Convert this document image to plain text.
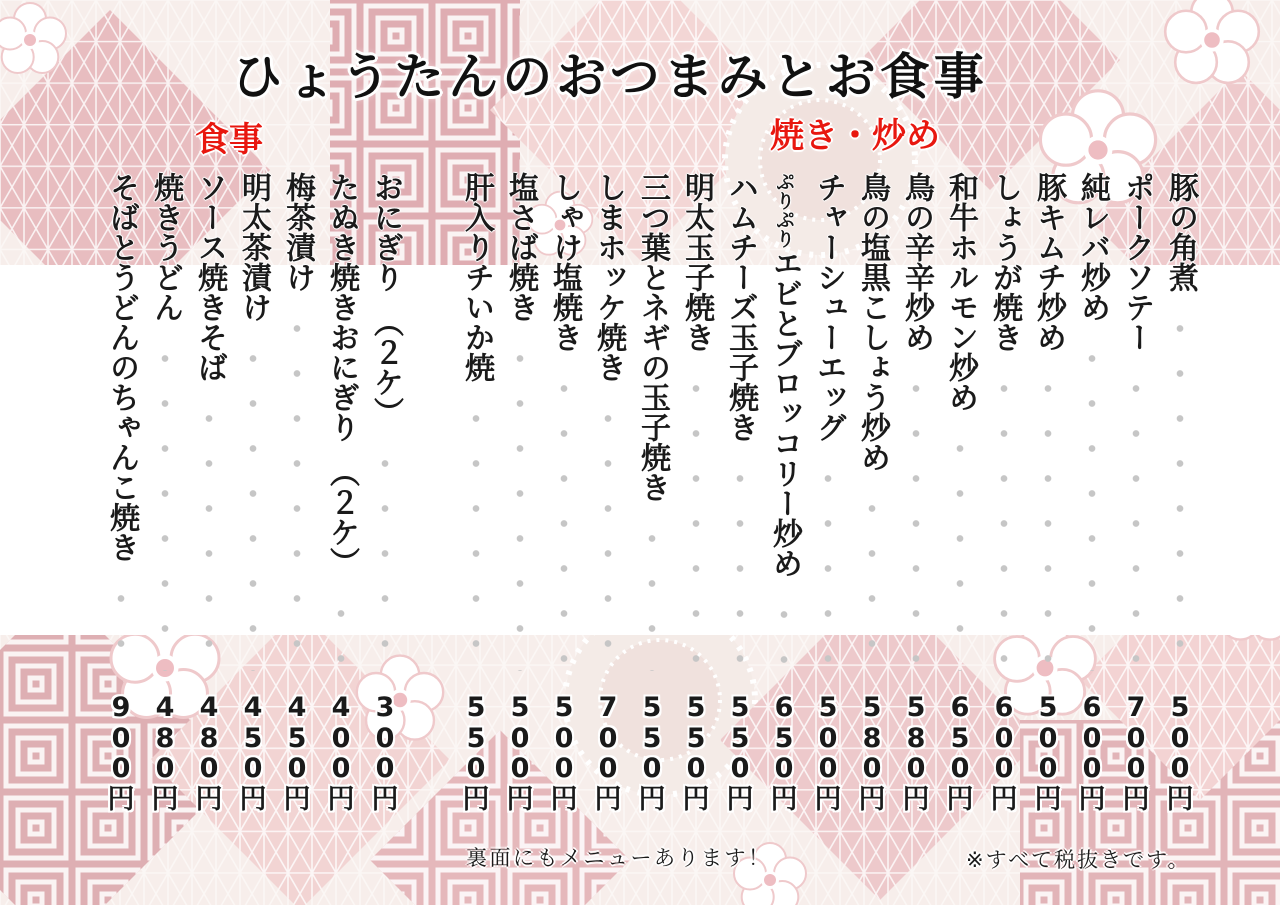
ひょうたんのおつまみとお食事
食事	焼き・炒め
豚の角煮
500円
ポークソテー
700円
純レバ炒め
600円
豚キムチ炒め
500円
しょうが焼き
600円
和牛ホルモン炒め
650円
鳥の辛辛炒め
580円
鳥の塩黒こしょう炒め
580円
チャーシューエッグ
500円
ぷりぷりエビとブロッコリー炒め
650円
ハムチーズ玉子焼き
550円
明太玉子焼き
550円
三つ葉とネギの玉子焼き
550円
しまホッケ焼き
700円
しゃけ塩焼き
500円
塩さば焼き
500円
肝入りチいか焼
550円
おにぎり　（２ケ）
300円
たぬき焼きおにぎり　（２ケ）
400円
梅茶漬け
450円
明太茶漬け
450円
ソース焼きそば
480円
焼きうどん
480円
そばとうどんのちゃんこ焼き
900円
裏面にもメニューあります！	※すべて税抜きです。
